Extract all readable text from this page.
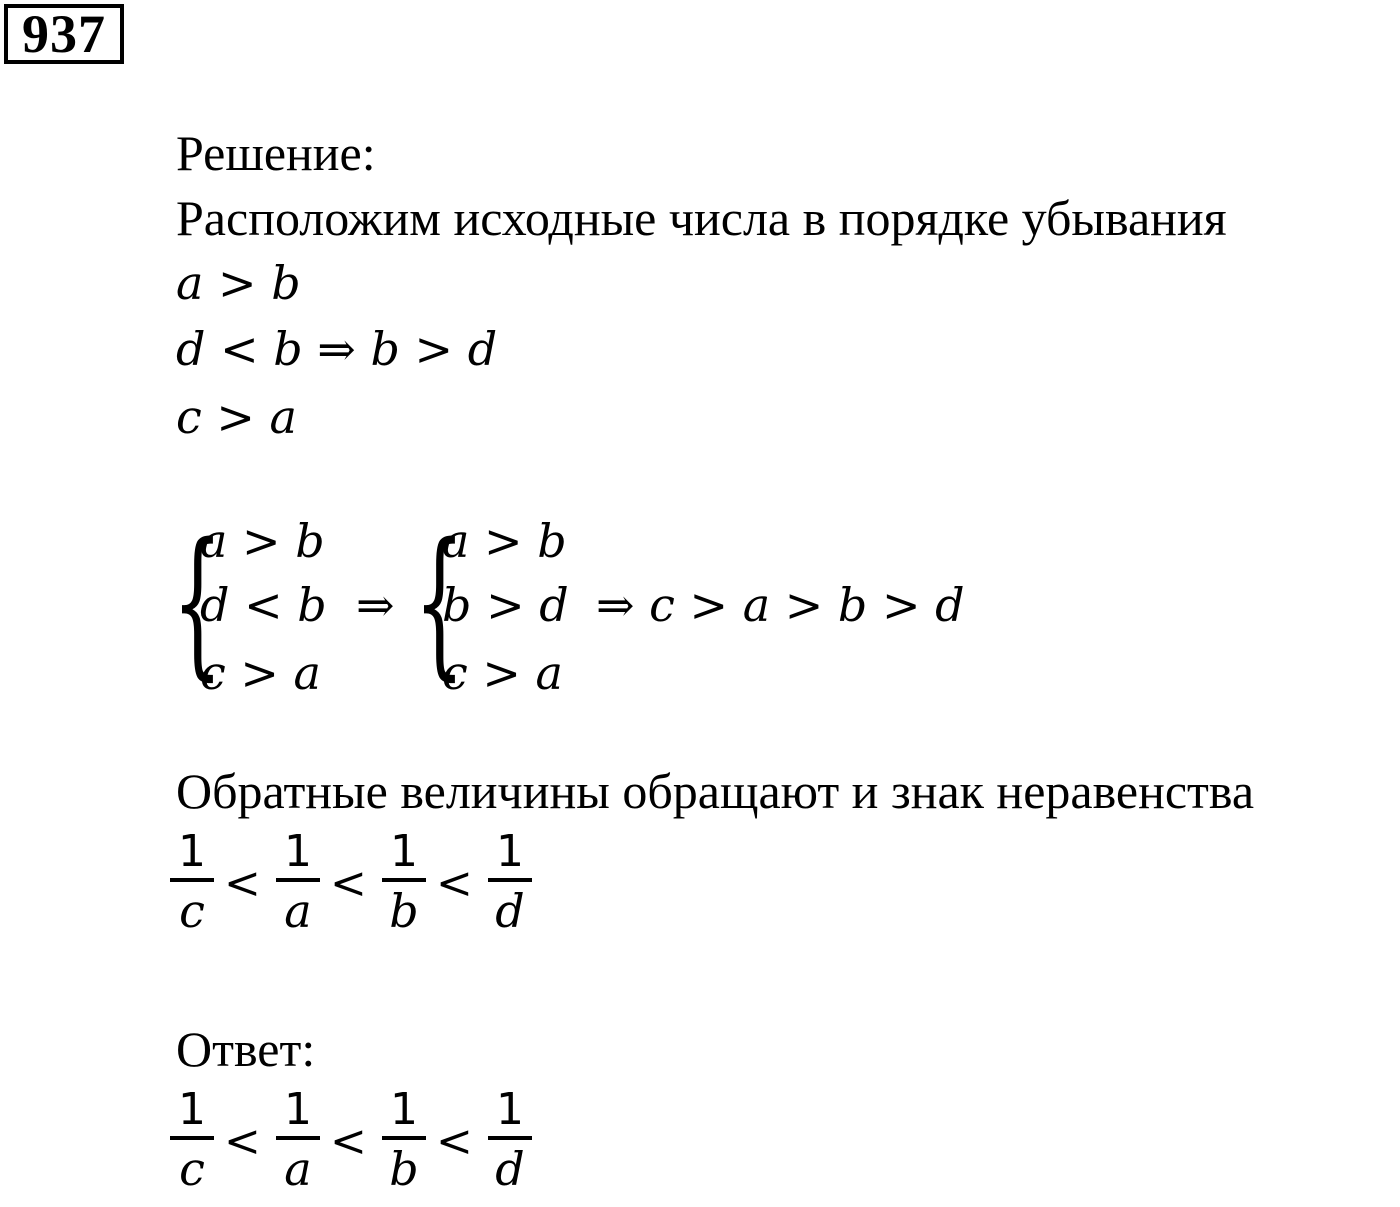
937
Решение:
Расположим исходные числа в порядке убывания
a > b
d < b ⇒ b > d
c > a
{
a > b
d < b
c > a
⇒ {
a > b
b > d
c > a
⇒ c > a > b > d
Обратные величины обращают и знак неравенства
1
c
<
1
a
<
1
b
<
1
d
Ответ:
1
c
<
1
a
<
1
b
<
1
d
